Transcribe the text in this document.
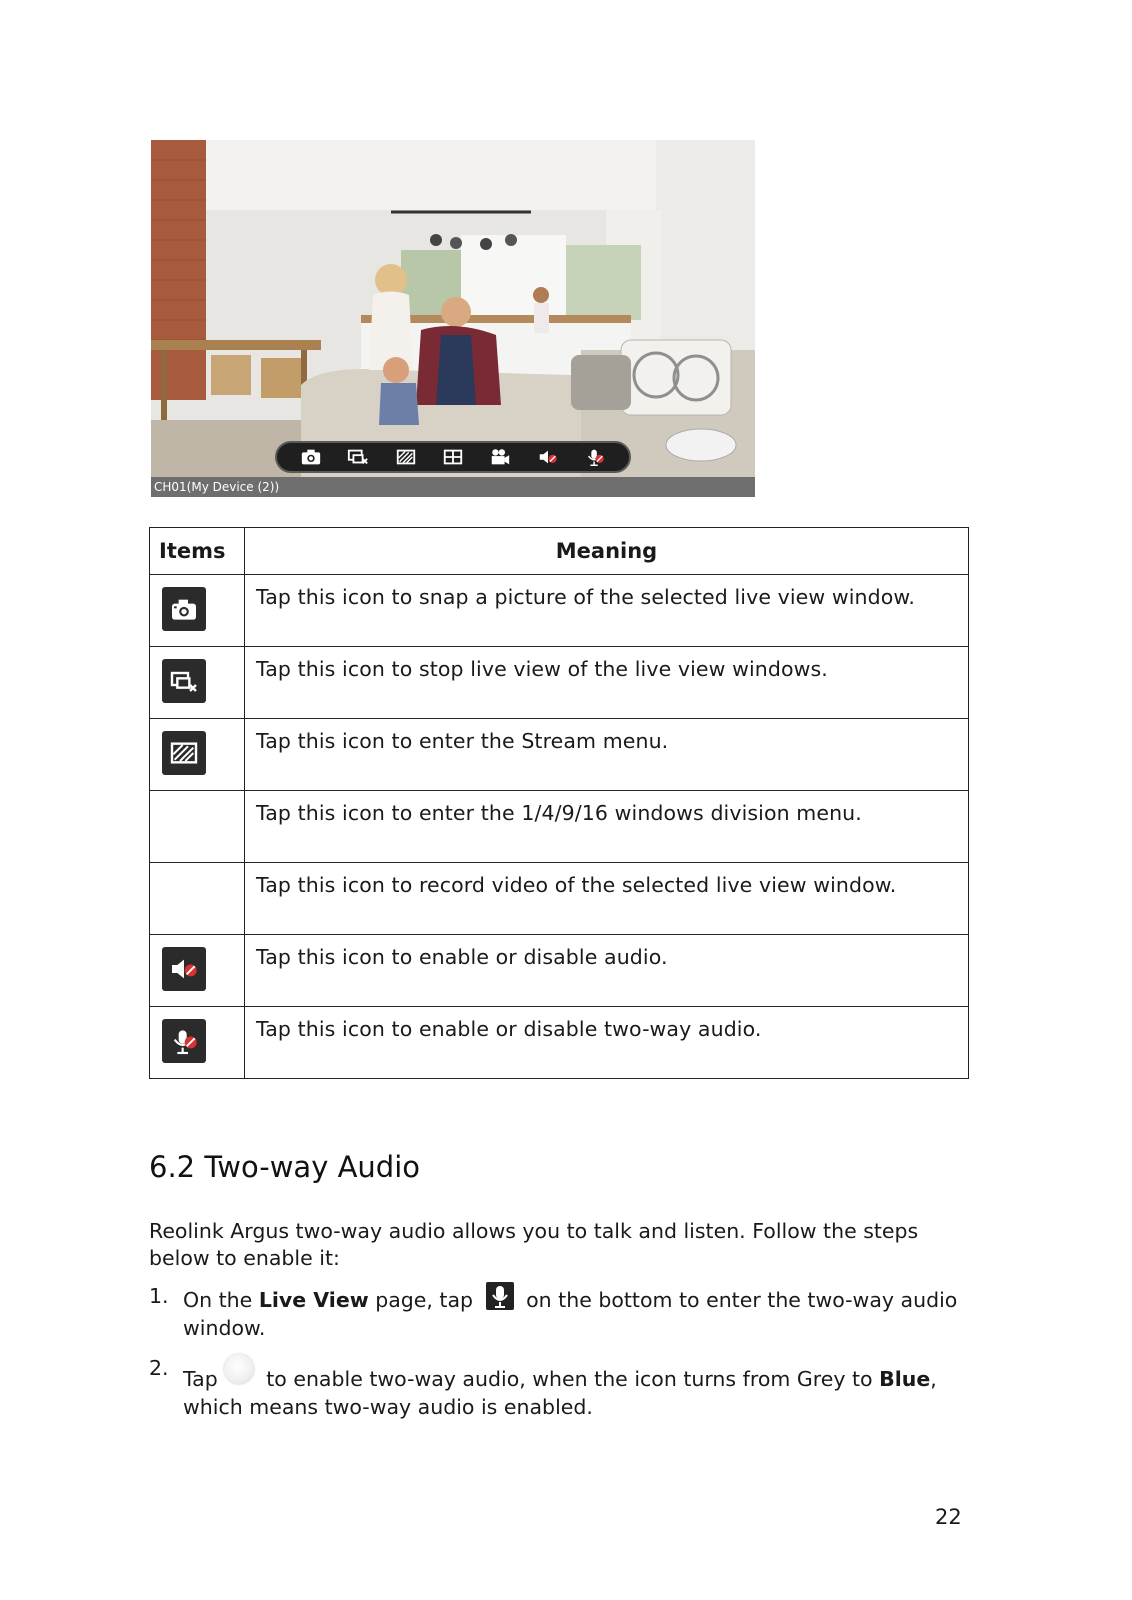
CH01(My Device (2))
Items	Meaning

	Tap this icon to snap a picture of the selected live view window.

	Tap this icon to stop live view of the live view windows.

	Tap this icon to enter the Stream menu.
	Tap this icon to enter the 1/4/9/16 windows division menu.
	Tap this icon to record video of the selected live view window.

	Tap this icon to enable or disable audio.

	Tap this icon to enable or disable two-way audio.
6.2 Two-way Audio

Reolink Argus two-way audio allows you to talk and listen. Follow the steps below to enable it:

1. On the Live View page, tap  on the bottom to enter the two-way audio window.
2. Tap to enable two-way audio, when the icon turns from Grey to Blue, which means two-way audio is enabled.
22
